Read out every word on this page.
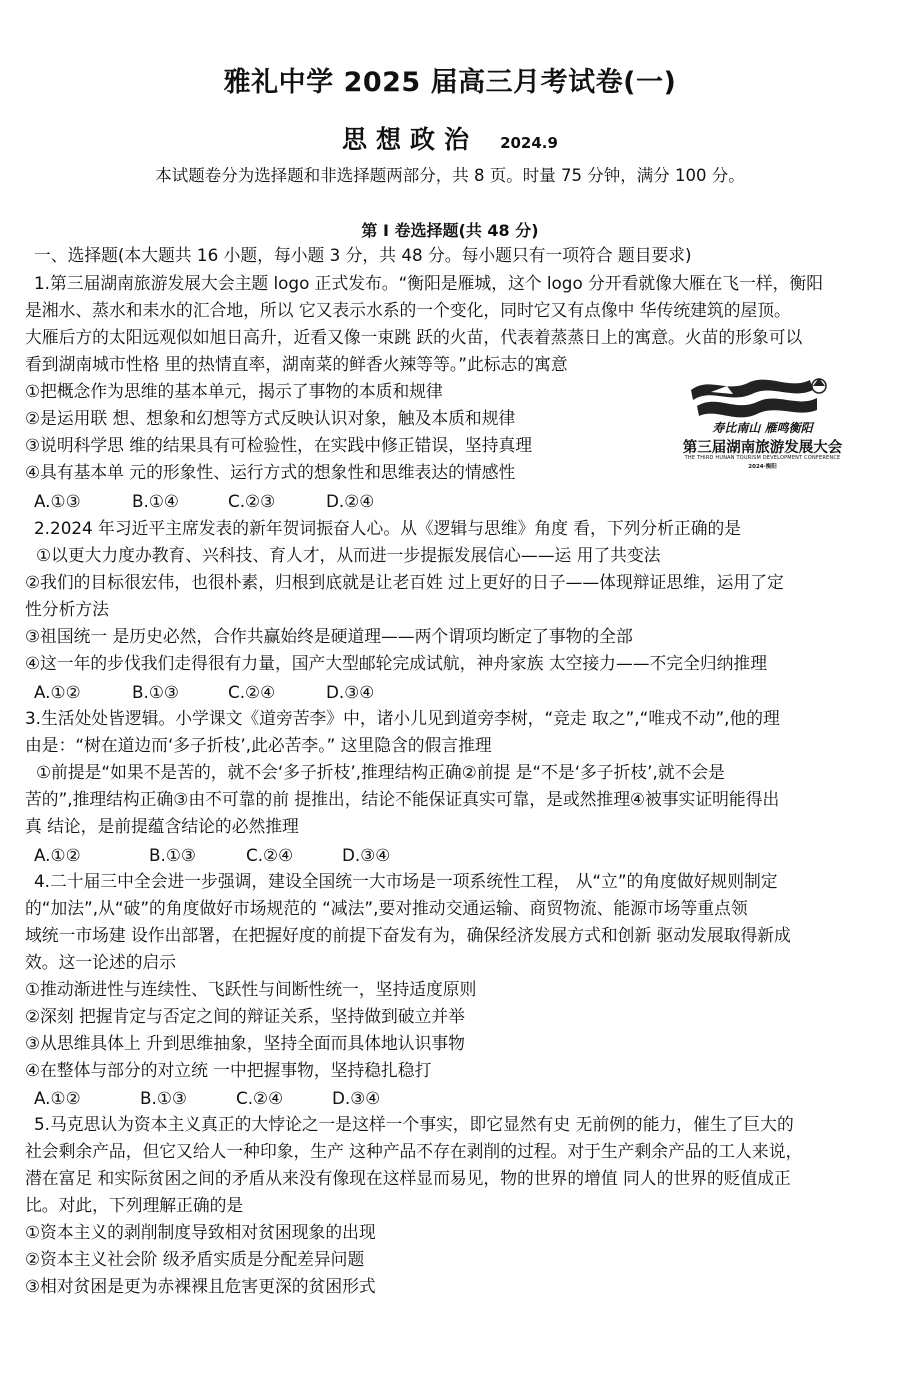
雅礼中学 2025 届高三月考试卷(一)
思想政治 2024.9
本试题卷分为选择题和非选择题两部分，共 8 页。时量 75 分钟，满分 100 分。
第 I 卷选择题(共 48 分)
一、选择题(本大题共 16 小题，每小题 3 分，共 48 分。每小题只有一项符合 题目要求)
1.第三届湖南旅游发展大会主题 logo 正式发布。“衡阳是雁城，这个 logo 分开看就像大雁在飞一样，衡阳
是湘水、蒸水和耒水的汇合地，所以 它又表示水系的一个变化，同时它又有点像中 华传统建筑的屋顶。
大雁后方的太阳远观似如旭日高升，近看又像一束跳 跃的火苗，代表着蒸蒸日上的寓意。火苗的形象可以
看到湖南城市性格 里的热情直率，湖南菜的鲜香火辣等等。”此标志的寓意
①把概念作为思维的基本单元，揭示了事物的本质和规律
②是运用联 想、想象和幻想等方式反映认识对象，触及本质和规律
③说明科学思 维的结果具有可检验性，在实践中修正错误，坚持真理
④具有基本单 元的形象性、运行方式的想象性和思维表达的情感性
A.①③	B.①④	C.②③	D.②④
寿比南山 雁鸣衡阳
第三届湖南旅游发展大会
THE THIRD HUNAN TOURISM DEVELOPMENT CONFERENCE
2024·衡阳
2.2024 年习近平主席发表的新年贺词振奋人心。从《逻辑与思维》角度 看，下列分析正确的是
①以更大力度办教育、兴科技、育人才，从而进一步提振发展信心——运 用了共变法
②我们的目标很宏伟，也很朴素，归根到底就是让老百姓 过上更好的日子——体现辩证思维，运用了定
性分析方法
③祖国统一 是历史必然，合作共赢始终是硬道理——两个谓项均断定了事物的全部
④这一年的步伐我们走得很有力量，国产大型邮轮完成试航，神舟家族 太空接力——不完全归纳推理
A.①②	B.①③	C.②④	D.③④
3.生活处处皆逻辑。小学课文《道旁苦李》中，诸小儿见到道旁李树，“竞走 取之”,“唯戎不动”,他的理
由是：“树在道边而‘多子折枝’,此必苦李。” 这里隐含的假言推理
①前提是“如果不是苦的，就不会‘多子折枝’,推理结构正确②前提 是“不是‘多子折枝’,就不会是
苦的”,推理结构正确③由不可靠的前 提推出，结论不能保证真实可靠，是或然推理④被事实证明能得出
真 结论，是前提蕴含结论的必然推理
A.①②	B.①③	C.②④	D.③④
4.二十届三中全会进一步强调，建设全国统一大市场是一项系统性工程， 从“立”的角度做好规则制定
的“加法”,从“破”的角度做好市场规范的 “减法”,要对推动交通运输、商贸物流、能源市场等重点领
域统一市场建 设作出部署，在把握好度的前提下奋发有为，确保经济发展方式和创新 驱动发展取得新成
效。这一论述的启示
①推动渐进性与连续性、飞跃性与间断性统一，坚持适度原则
②深刻 把握肯定与否定之间的辩证关系，坚持做到破立并举
③从思维具体上 升到思维抽象，坚持全面而具体地认识事物
④在整体与部分的对立统 一中把握事物，坚持稳扎稳打
A.①②	B.①③	C.②④	D.③④
5.马克思认为资本主义真正的大悖论之一是这样一个事实，即它显然有史 无前例的能力，催生了巨大的
社会剩余产品，但它又给人一种印象，生产 这种产品不存在剥削的过程。对于生产剩余产品的工人来说，
潜在富足 和实际贫困之间的矛盾从来没有像现在这样显而易见，物的世界的增值 同人的世界的贬值成正
比。对此，下列理解正确的是
①资本主义的剥削制度导致相对贫困现象的出现
②资本主义社会阶 级矛盾实质是分配差异问题
③相对贫困是更为赤裸裸且危害更深的贫困形式
